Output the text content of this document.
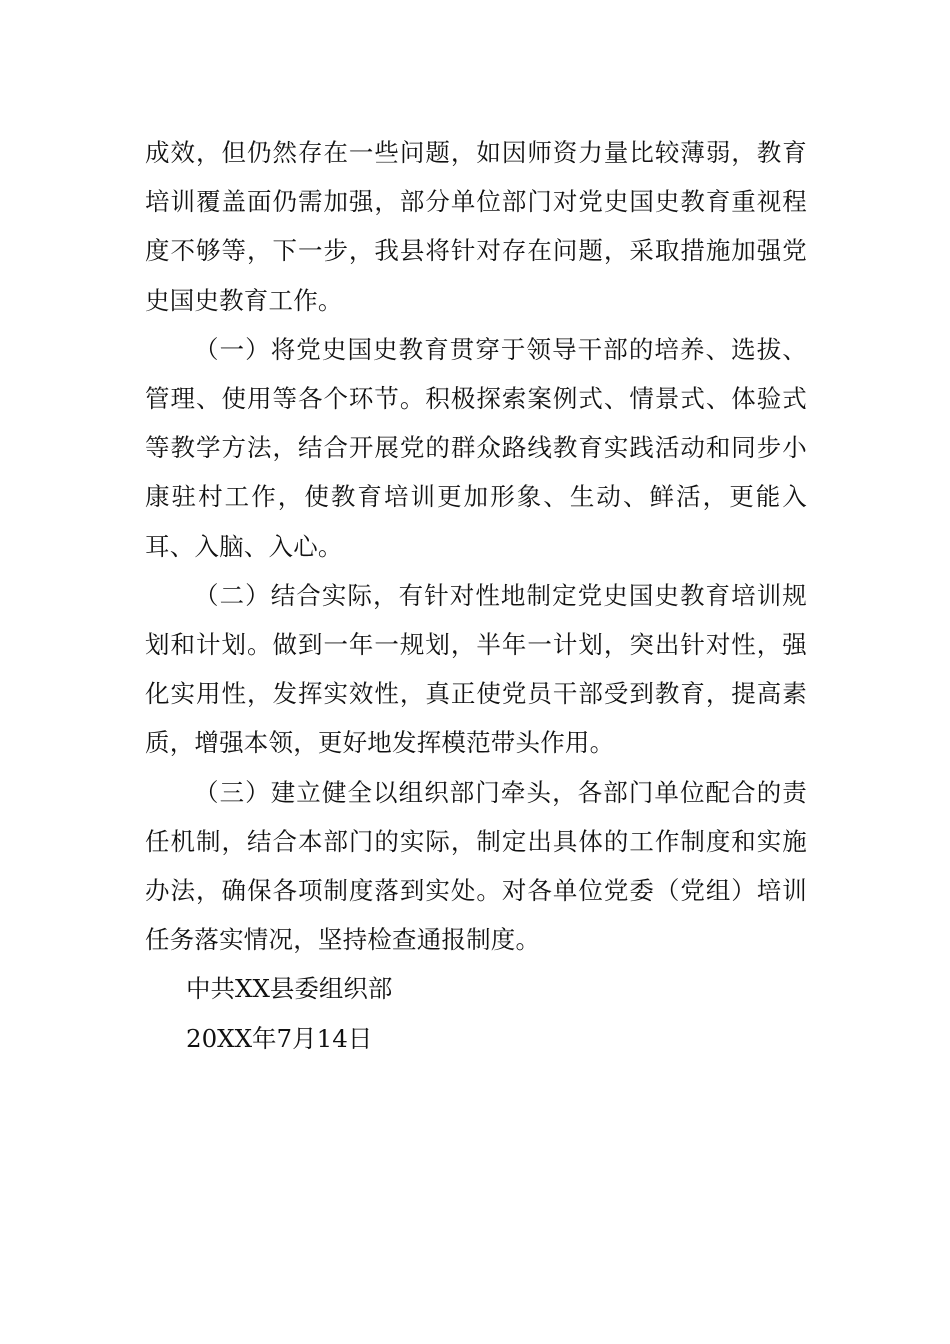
成效，但仍然存在一些问题，如因师资力量比较薄弱，教育培训覆盖面仍需加强，部分单位部门对党史国史教育重视程度不够等，下一步，我县将针对存在问题，采取措施加强党史国史教育工作。

（一）将党史国史教育贯穿于领导干部的培养、选拔、管理、使用等各个环节。积极探索案例式、情景式、体验式等教学方法，结合开展党的群众路线教育实践活动和同步小康驻村工作，使教育培训更加形象、生动、鲜活，更能入耳、入脑、入心。

（二）结合实际，有针对性地制定党史国史教育培训规划和计划。做到一年一规划，半年一计划，突出针对性，强化实用性，发挥实效性，真正使党员干部受到教育，提高素质，增强本领，更好地发挥模范带头作用。

（三）建立健全以组织部门牵头，各部门单位配合的责任机制，结合本部门的实际，制定出具体的工作制度和实施办法，确保各项制度落到实处。对各单位党委（党组）培训任务落实情况，坚持检查通报制度。

中共XX县委组织部

20XX年7月14日
